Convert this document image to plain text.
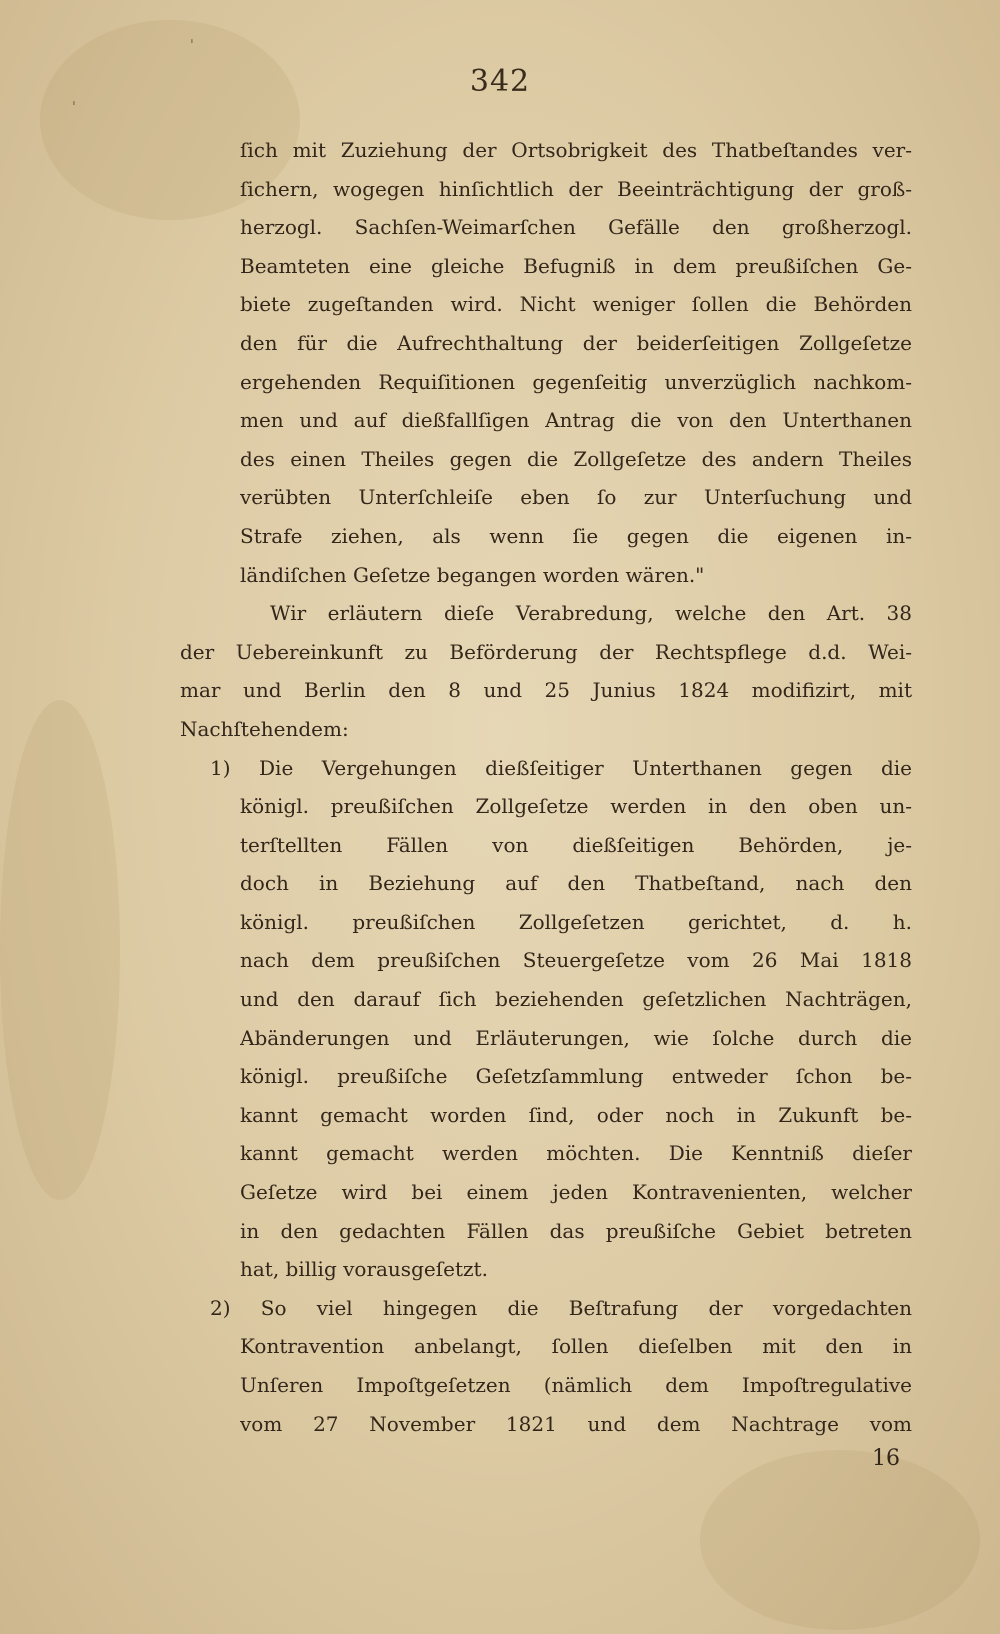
ˈ
ˈ
342
ſich mit Zuziehung der Ortsobrigkeit des Thatbeſtandes ver-
ſichern, wogegen hinſichtlich der Beeinträchtigung der groß-
herzogl. Sachſen-Weimarſchen Gefälle den großherzogl.
Beamteten eine gleiche Befugniß in dem preußiſchen Ge-
biete zugeſtanden wird. Nicht weniger ſollen die Behörden
den für die Aufrechthaltung der beiderſeitigen Zollgeſetze
ergehenden Requiſitionen gegenſeitig unverzüglich nachkom-
men und auf dießfallſigen Antrag die von den Unterthanen
des einen Theiles gegen die Zollgeſetze des andern Theiles
verübten Unterſchleiſe eben ſo zur Unterſuchung und
Strafe ziehen, als wenn ſie gegen die eigenen in-
ländiſchen Geſetze begangen worden wären."
Wir erläutern dieſe Verabredung, welche den Art. 38
der Uebereinkunft zu Beförderung der Rechtspflege d.d. Wei-
mar und Berlin den 8 und 25 Junius 1824 modifizirt, mit
Nachſtehendem:
1) Die Vergehungen dießſeitiger Unterthanen gegen die
königl. preußiſchen Zollgeſetze werden in den oben un-
terſtellten Fällen von dießſeitigen Behörden, je-
doch in Beziehung auf den Thatbeſtand, nach den
königl. preußiſchen Zollgeſetzen gerichtet, d. h.
nach dem preußiſchen Steuergeſetze vom 26 Mai 1818
und den darauf ſich beziehenden geſetzlichen Nachträgen,
Abänderungen und Erläuterungen, wie ſolche durch die
königl. preußiſche Geſetzſammlung entweder ſchon be-
kannt gemacht worden ſind, oder noch in Zukunft be-
kannt gemacht werden möchten. Die Kenntniß dieſer
Geſetze wird bei einem jeden Kontravenienten, welcher
in den gedachten Fällen das preußiſche Gebiet betreten
hat, billig vorausgeſetzt.
2) So viel hingegen die Beſtrafung der vorgedachten
Kontravention anbelangt, ſollen dieſelben mit den in
Unſeren Impoſtgeſetzen (nämlich dem Impoſtregulative
vom 27 November 1821 und dem Nachtrage vom
16
